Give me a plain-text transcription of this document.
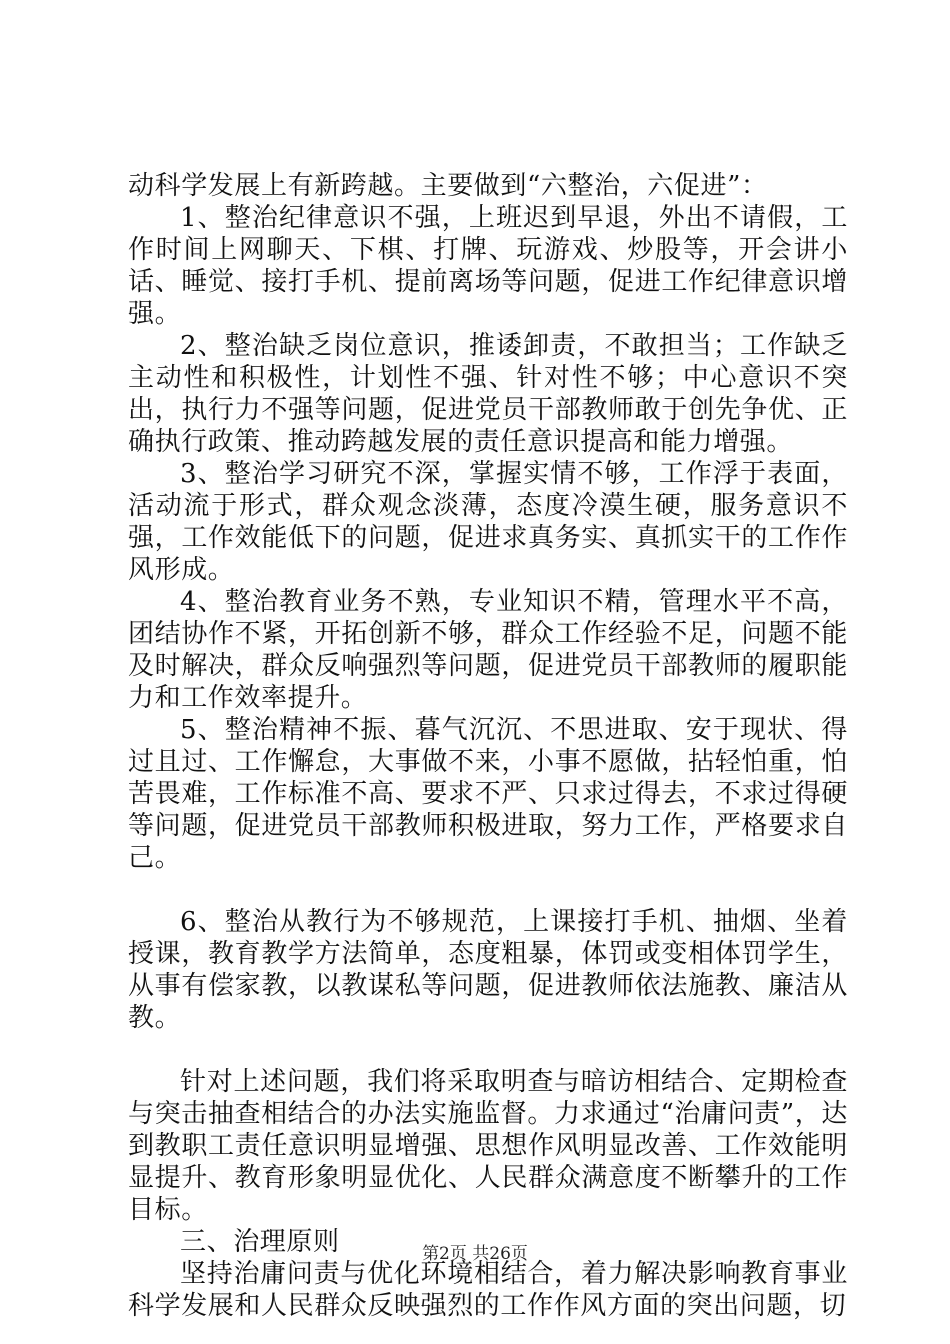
动科学发展上有新跨越。主要做到“六整治，六促进”：

1、整治纪律意识不强，上班迟到早退，外出不请假，工作时间上网聊天、下棋、打牌、玩游戏、炒股等，开会讲小话、睡觉、接打手机、提前离场等问题，促进工作纪律意识增强。

2、整治缺乏岗位意识，推诿卸责，不敢担当；工作缺乏主动性和积极性，计划性不强、针对性不够；中心意识不突出，执行力不强等问题，促进党员干部教师敢于创先争优、正确执行政策、推动跨越发展的责任意识提高和能力增强。

3、整治学习研究不深，掌握实情不够，工作浮于表面，活动流于形式，群众观念淡薄，态度冷漠生硬，服务意识不强，工作效能低下的问题，促进求真务实、真抓实干的工作作风形成。

4、整治教育业务不熟，专业知识不精，管理水平不高，团结协作不紧，开拓创新不够，群众工作经验不足，问题不能及时解决，群众反响强烈等问题，促进党员干部教师的履职能力和工作效率提升。

5、整治精神不振、暮气沉沉、不思进取、安于现状、得过且过、工作懈怠，大事做不来，小事不愿做，拈轻怕重，怕苦畏难，工作标准不高、要求不严、只求过得去，不求过得硬等问题，促进党员干部教师积极进取，努力工作，严格要求自己。

6、整治从教行为不够规范，上课接打手机、抽烟、坐着授课，教育教学方法简单，态度粗暴，体罚或变相体罚学生，从事有偿家教，以教谋私等问题，促进教师依法施教、廉洁从教。

针对上述问题，我们将采取明查与暗访相结合、定期检查与突击抽查相结合的办法实施监督。力求通过“治庸问责”，达到教职工责任意识明显增强、思想作风明显改善、工作效能明显提升、教育形象明显优化、人民群众满意度不断攀升的工作目标。

三、治理原则

坚持治庸问责与优化环境相结合，着力解决影响教育事业科学发展和人民群众反映强烈的工作作风方面的突出问题，切

第2页 共26页
